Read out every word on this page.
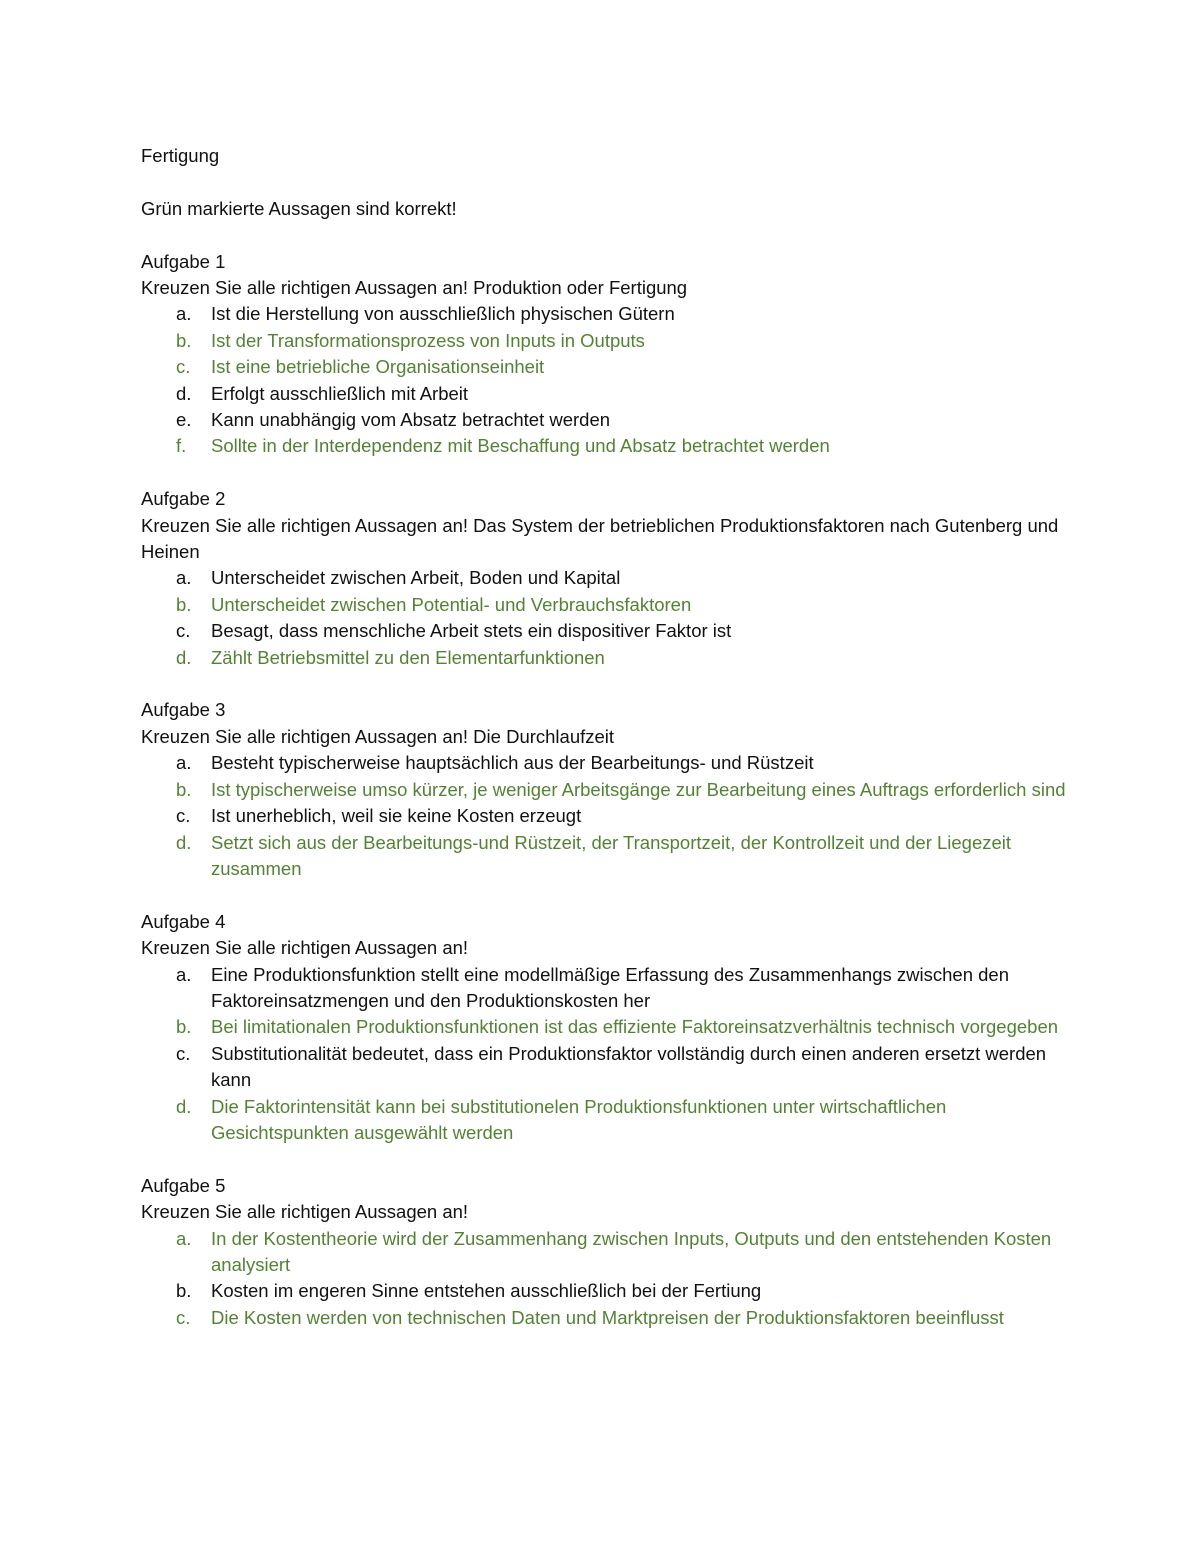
Fertigung
Grün markierte Aussagen sind korrekt!
Aufgabe 1
Kreuzen Sie alle richtigen Aussagen an! Produktion oder Fertigung
a.	Ist die Herstellung von ausschließlich physischen Gütern
b.	Ist der Transformationsprozess von Inputs in Outputs
c.	Ist eine betriebliche Organisationseinheit
d.	Erfolgt ausschließlich mit Arbeit
e.	Kann unabhängig vom Absatz betrachtet werden
f.	Sollte in der Interdependenz mit Beschaffung und Absatz betrachtet werden
Aufgabe 2
Kreuzen Sie alle richtigen Aussagen an! Das System der betrieblichen Produktionsfaktoren nach Gutenberg und Heinen
a.	Unterscheidet zwischen Arbeit, Boden und Kapital
b.	Unterscheidet zwischen Potential- und Verbrauchsfaktoren
c.	Besagt, dass menschliche Arbeit stets ein dispositiver Faktor ist
d.	Zählt Betriebsmittel zu den Elementarfunktionen
Aufgabe 3
Kreuzen Sie alle richtigen Aussagen an! Die Durchlaufzeit
a.	Besteht typischerweise hauptsächlich aus der Bearbeitungs- und Rüstzeit
b.	Ist typischerweise umso kürzer, je weniger Arbeitsgänge zur Bearbeitung eines Auftrags erforderlich sind
c.	Ist unerheblich, weil sie keine Kosten erzeugt
d.	Setzt sich aus der Bearbeitungs-und Rüstzeit, der Transportzeit, der Kontrollzeit und der Liegezeit zusammen
Aufgabe 4
Kreuzen Sie alle richtigen Aussagen an!
a.	Eine Produktionsfunktion stellt eine modellmäßige Erfassung des Zusammenhangs zwischen den Faktoreinsatzmengen und den Produktionskosten her
b.	Bei limitationalen Produktionsfunktionen ist das effiziente Faktoreinsatzverhältnis technisch vorgegeben
c.	Substitutionalität bedeutet, dass ein Produktionsfaktor vollständig durch einen anderen ersetzt werden kann
d.	Die Faktorintensität kann bei substitutionelen Produktionsfunktionen unter wirtschaftlichen Gesichtspunkten ausgewählt werden
Aufgabe 5
Kreuzen Sie alle richtigen Aussagen an!
a.	In der Kostentheorie wird der Zusammenhang zwischen Inputs, Outputs und den entstehenden Kosten analysiert
b.	Kosten im engeren Sinne entstehen ausschließlich bei der Fertiung
c.	Die Kosten werden von technischen Daten und Marktpreisen der Produktionsfaktoren beeinflusst
